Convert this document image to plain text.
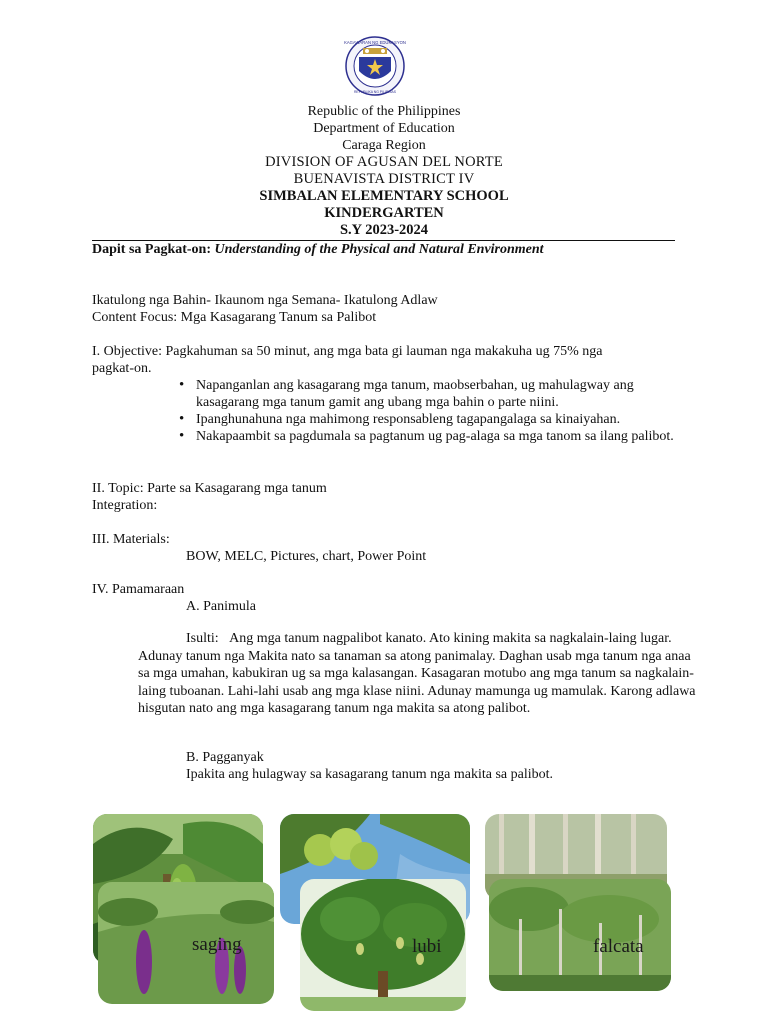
KAGAWARAN NG EDUKASYON
REPUBLIKA NG PILIPINAS
Republic of the Philippines
Department of Education
Caraga Region
DIVISION OF AGUSAN DEL NORTE
BUENAVISTA DISTRICT IV
SIMBALAN ELEMENTARY SCHOOL
KINDERGARTEN
S.Y 2023-2024
Dapit sa Pagkat-on: Understanding of the Physical and Natural Environment
Ikatulong nga Bahin- Ikaunom nga Semana- Ikatulong Adlaw
Content Focus: Mga Kasagarang Tanum sa Palibot
I. Objective: Pagkahuman sa 50 minut, ang mga bata gi lauman nga makakuha ug 75% nga
pagkat-on.
• Napanganlan ang kasagarang mga tanum, maobserbahan, ug mahulagway ang kasagarang mga tanum gamit ang ubang mga bahin o parte niini.
• Ipanghunahuna nga mahimong responsableng tagapangalaga sa kinaiyahan.
• Nakapaambit sa pagdumala sa pagtanum ug pag-alaga sa mga tanom sa ilang palibot.
II. Topic: Parte sa Kasagarang mga tanum
Integration:
III. Materials:
BOW, MELC, Pictures, chart, Power Point
IV. Pamamaraan
A. Panimula
Isulti: Ang mga tanum nagpalibot kanato. Ato kining makita sa nagkalain-laing lugar. Adunay tanum nga Makita nato sa tanaman sa atong panimalay. Daghan usab mga tanum nga anaa sa mga umahan, kabukiran ug sa mga kalasangan. Kasagaran motubo ang mga tanum sa nagkalain-laing tuboanan. Lahi-lahi usab ang mga klase niini. Adunay mamunga ug mamulak. Karong adlawa hisgutan nato ang mga kasagarang tanum nga makita sa atong palibot.
B. Pagganyak
Ipakita ang hulagway sa kasagarang tanum nga makita sa palibot.
saging	lubi	falcata
